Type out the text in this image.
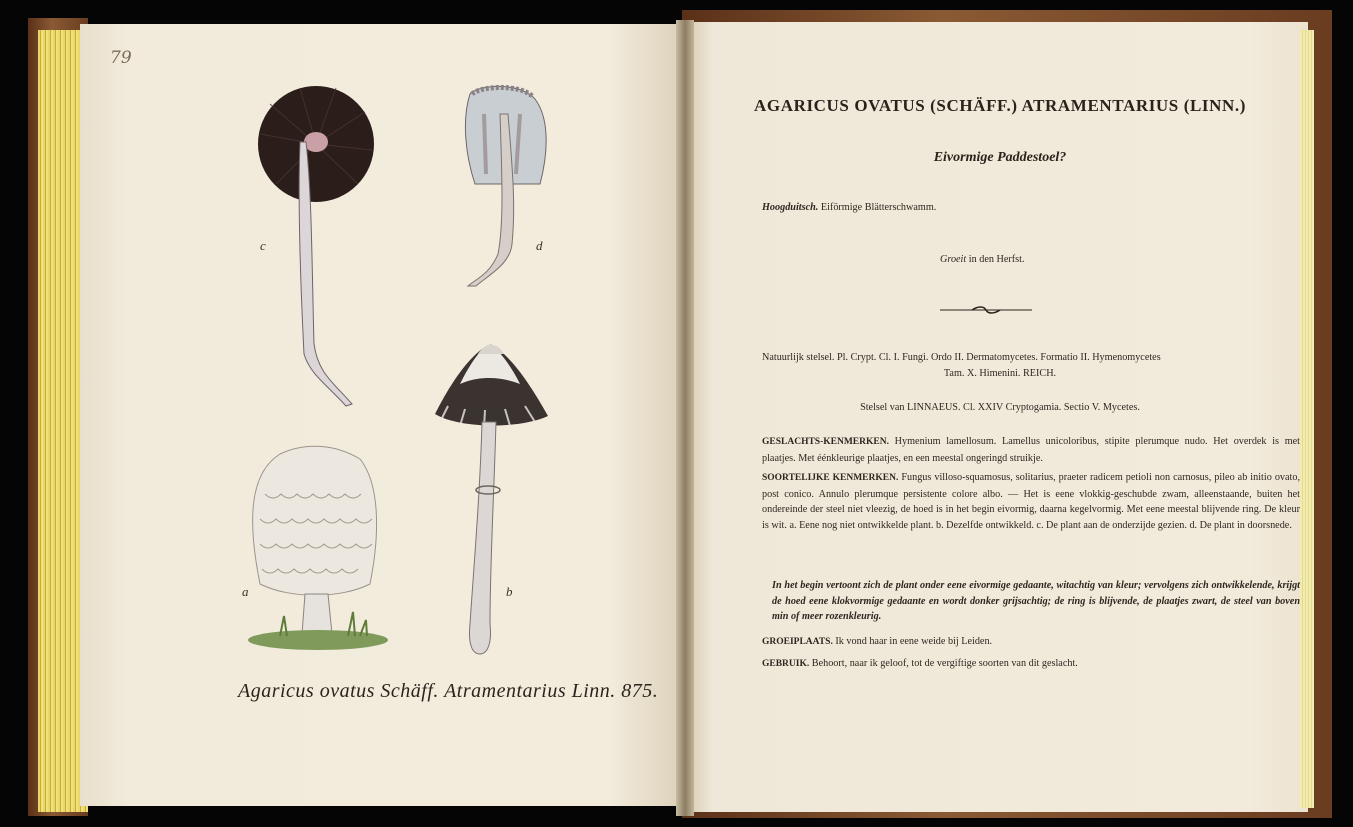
79
c	d
a	b
Agaricus ovatus Schäff. Atramentarius Linn. 875.
AGARICUS OVATUS (SCHÄFF.) ATRAMENTARIUS (LINN.)
Eivormige Paddestoel?
Hoogduitsch. Eiförmige Blätterschwamm.
Groeit in den Herfst.
Natuurlijk stelsel. Pl. Crypt. Cl. I. Fungi. Ordo II. Dermatomycetes. Formatio II. Hymenomycetes
Tam. X. Himenini. REICH.
Stelsel van LINNAEUS. Cl. XXIV Cryptogamia. Sectio V. Mycetes.
GESLACHTS-KENMERKEN. Hymenium lamellosum. Lamellus unicoloribus, stipite plerumque nudo. Het overdek is met plaatjes. Met éénkleurige plaatjes, en een meestal ongeringd struikje.
SOORTELIJKE KENMERKEN. Fungus villoso-squamosus, solitarius, praeter radicem petioli non carnosus, pileo ab initio ovato, post conico. Annulo plerumque persistente colore albo. — Het is eene vlokkig-geschubde zwam, alleenstaande, buiten het ondereinde der steel niet vleezig, de hoed is in het begin eivormig, daarna kegelvormig. Met eene meestal blijvende ring. De kleur is wit. a. Eene nog niet ontwikkelde plant. b. Dezelfde ontwikkeld. c. De plant aan de onderzijde gezien. d. De plant in doorsnede.
In het begin vertoont zich de plant onder eene eivormige gedaante, witachtig van kleur; vervolgens zich ontwikkelende, krijgt de hoed eene klokvormige gedaante en wordt donker grijsachtig; de ring is blijvende, de plaatjes zwart, de steel van boven min of meer rozenkleurig.
GROEIPLAATS. Ik vond haar in eene weide bij Leiden.
GEBRUIK. Behoort, naar ik geloof, tot de vergiftige soorten van dit geslacht.
